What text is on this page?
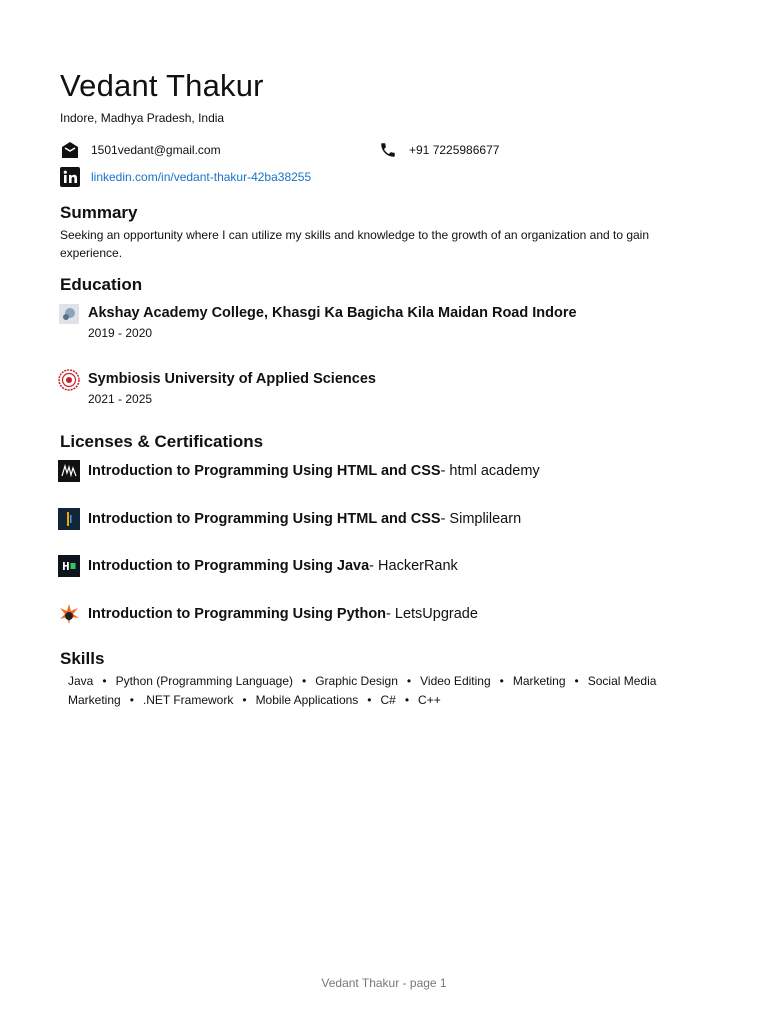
Vedant Thakur
Indore, Madhya Pradesh, India
1501vedant@gmail.com	+91 7225986677
linkedin.com/in/vedant-thakur-42ba38255
Summary
Seeking an opportunity where I can utilize my skills and knowledge to the growth of an organization and to gain experience.
Education
Akshay Academy College, Khasgi Ka Bagicha Kila Maidan Road Indore
2019 - 2020
Symbiosis University of Applied Sciences
2021 - 2025
Licenses & Certifications
Introduction to Programming Using HTML and CSS - html academy
Introduction to Programming Using HTML and CSS - Simplilearn
Introduction to Programming Using Java - HackerRank
Introduction to Programming Using Python - LetsUpgrade
Skills
Java • Python (Programming Language) • Graphic Design • Video Editing • Marketing • Social Media Marketing • .NET Framework • Mobile Applications • C# • C++
Vedant Thakur - page 1
